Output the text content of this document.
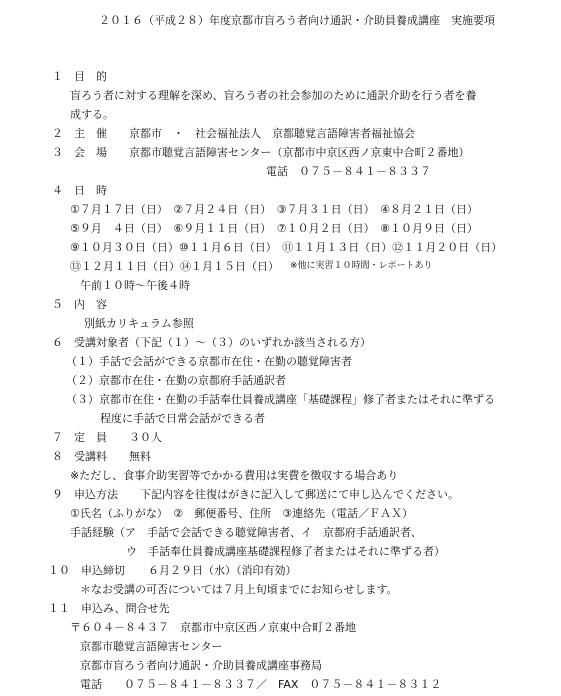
２０１６（平成２８）年度京都市盲ろう者向け通訳・介助員養成講座　実施要項
１　目　的
盲ろう者に対する理解を深め、盲ろう者の社会参加のために通訳介助を行う者を養
成する。
２　主　催　　京都市　・　社会福祉法人　京都聴覚言語障害者福祉協会
３　会　場　　京都市聴覚言語障害センター（京都市中京区西ノ京東中合町２番地）
電話　０７５－８４１－８３３７
４　日　時
①７月１７日（日）　②７月２４日（日）　③７月３１日（日）　④８月２１日（日）
⑤９月　４日（日）　⑥９月１１日（日）　⑦１０月２日（日）　⑧１０月９日（日）
⑨１０月３０日（日）⑩１１月６日（日）　⑪１１月１３日（日）⑫１１月２０日（日）
⑬１２月１１日（日）⑭１月１５日（日） ※他に実習１０時間・レポートあり
午前１０時～午後４時
５　内　容
別紙カリキュラム参照
６　受講対象者（下記（１）～（３）のいずれか該当される方）
（１）手話で会話ができる京都市在住・在勤の聴覚障害者
（２）京都市在住・在勤の京都府手話通訳者
（３）京都市在住・在勤の手話奉仕員養成講座「基礎課程」修了者またはそれに準ずる
程度に手話で日常会話ができる者
７　定　員　　３０人
８　受講料　　無料
※ただし、食事介助実習等でかかる費用は実費を徴収する場合あり
９　申込方法　　下記内容を往復はがきに記入して郵送にて申し込んでください。
①氏名（ふりがな）　②　郵便番号、住所　③連絡先（電話／ＦＡＸ）
手話経験（ア　手話で会話できる聴覚障害者、イ　京都府手話通訳者、
ウ　手話奉仕員養成講座基礎課程修了者またはそれに準ずる者）
１０　申込締切 ６月２９日（水）（消印有効）
＊なお受講の可否については７月上旬頃までにお知らせします。
１１　申込み、問合せ先
〒６０４－８４３７　京都市中京区西ノ京東中合町２番地
京都市聴覚言語障害センター
京都市盲ろう者向け通訳・介助員養成講座事務局
電話　　０７５－８４１－８３３７／　FAX　０７５－８４１－８３１２
